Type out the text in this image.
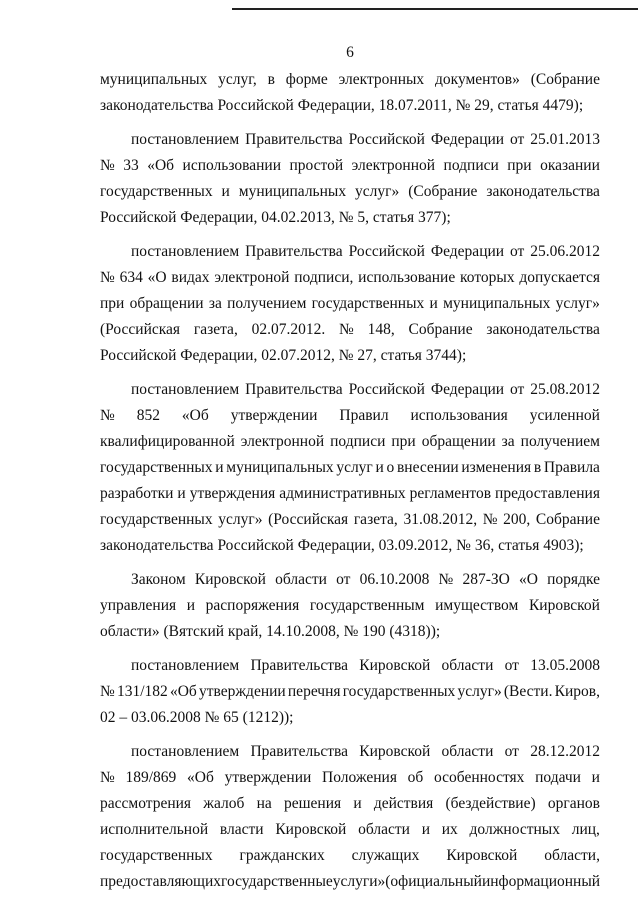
6
муниципальных услуг, в форме электронных документов» (Собрание
законодательства Российской Федерации, 18.07.2011, № 29, статья 4479);
постановлением Правительства Российской Федерации от 25.01.2013
№ 33 «Об использовании простой электронной подписи при оказании
государственных и муниципальных услуг» (Собрание законодательства
Российской Федерации, 04.02.2013, № 5, статья 377);
постановлением Правительства Российской Федерации от 25.06.2012
№ 634 «О видах электроной подписи, использование которых допускается
при обращении за получением государственных и муниципальных услуг»
(Российская газета, 02.07.2012. № 148, Собрание законодательства
Российской Федерации, 02.07.2012, № 27, статья 3744);
постановлением Правительства Российской Федерации от 25.08.2012
№ 852 «Об утверждении Правил использования усиленной
квалифицированной электронной подписи при обращении за получением
государственных и муниципальных услуг и о внесении изменения в Правила
разработки и утверждения административных регламентов предоставления
государственных услуг» (Российская газета, 31.08.2012, № 200, Собрание
законодательства Российской Федерации, 03.09.2012, № 36, статья 4903);
Законом Кировской области от 06.10.2008 № 287-ЗО «О порядке
управления и распоряжения государственным имуществом Кировской
области» (Вятский край, 14.10.2008, № 190 (4318));
постановлением Правительства Кировской области от 13.05.2008
№ 131/182 «Об утверждении перечня государственных услуг» (Вести. Киров,
02 – 03.06.2008 № 65 (1212));
постановлением Правительства Кировской области от 28.12.2012
№ 189/869 «Об утверждении Положения об особенностях подачи и
рассмотрения жалоб на решения и действия (бездействие) органов
исполнительной власти Кировской области и их должностных лиц,
государственных гражданских служащих Кировской области,
предоставляющих государственные услуги» (официальный информационный
